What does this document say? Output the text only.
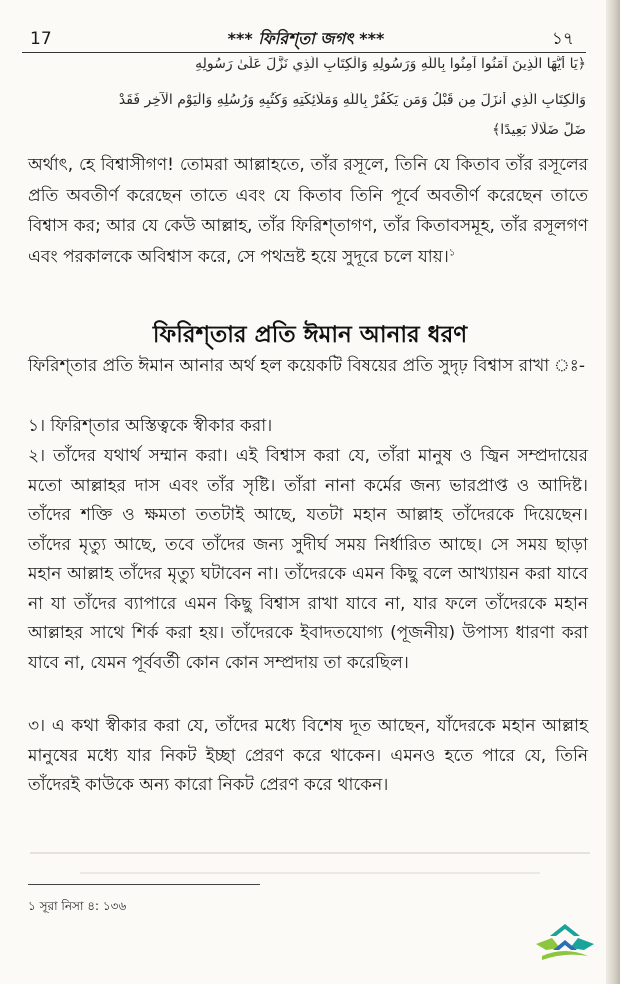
17	*** ফিরিশ্‌তা জগৎ ***	১৭
﴿يَا أَيُّهَا الَّذِينَ آمَنُوا آمِنُوا بِاللَّهِ وَرَسُولِهِ وَالْكِتَابِ الَّذِي نَزَّلَ عَلَىٰ رَسُولِهِ
وَالْكِتَابِ الَّذِي أَنزَلَ مِن قَبْلُ وَمَن يَكْفُرْ بِاللَّهِ وَمَلَائِكَتِهِ وَكُتُبِهِ وَرُسُلِهِ وَالْيَوْمِ الْآخِرِ فَقَدْ
ضَلَّ ضَلَالًا بَعِيدًا﴾

অর্থাৎ, হে বিশ্বাসীগণ! তোমরা আল্লাহতে, তাঁর রসূলে, তিনি যে কিতাব তাঁর রসূলের প্রতি অবতীর্ণ করেছেন তাতে এবং যে কিতাব তিনি পূর্বে অবতীর্ণ করেছেন তাতে বিশ্বাস কর; আর যে কেউ আল্লাহ, তাঁর ফিরিশ্‌তাগণ, তাঁর কিতাবসমূহ, তাঁর রসূলগণ এবং পরকালকে অবিশ্বাস করে, সে পথভ্রষ্ট হয়ে সুদূরে চলে যায়।$^১$

ফিরিশ্‌তার প্রতি ঈমান আনার ধরণ

ফিরিশ্‌তার প্রতি ঈমান আনার অর্থ হল কয়েকটি বিষয়ের প্রতি সুদৃঢ় বিশ্বাস রাখা ঃ-

১। ফিরিশ্‌তার অস্তিত্বকে স্বীকার করা।

২। তাঁদের যথার্থ সম্মান করা। এই বিশ্বাস করা যে, তাঁরা মানুষ ও জ্বিন সম্প্রদায়ের মতো আল্লাহর দাস এবং তাঁর সৃষ্টি। তাঁরা নানা কর্মের জন্য ভারপ্রাপ্ত ও আদিষ্ট। তাঁদের শক্তি ও ক্ষমতা ততটাই আছে, যতটা মহান আল্লাহ তাঁদেরকে দিয়েছেন। তাঁদের মৃত্যু আছে, তবে তাঁদের জন্য সুদীর্ঘ সময় নির্ধারিত আছে। সে সময় ছাড়া মহান আল্লাহ তাঁদের মৃত্যু ঘটাবেন না। তাঁদেরকে এমন কিছু বলে আখ্যায়ন করা যাবে না যা তাঁদের ব্যাপারে এমন কিছু বিশ্বাস রাখা যাবে না, যার ফলে তাঁদেরকে মহান আল্লাহর সাথে শির্ক করা হয়। তাঁদেরকে ইবাদতযোগ্য (পূজনীয়) উপাস্য ধারণা করা যাবে না, যেমন পূর্ববর্তী কোন কোন সম্প্রদায় তা করেছিল।

৩। এ কথা স্বীকার করা যে, তাঁদের মধ্যে বিশেষ দূত আছেন, যাঁদেরকে মহান আল্লাহ মানুষের মধ্যে যার নিকট ইচ্ছা প্রেরণ করে থাকেন। এমনও হতে পারে যে, তিনি তাঁদেরই কাউকে অন্য কারো নিকট প্রেরণ করে থাকেন।

১ সূরা নিসা ৪: ১৩৬
